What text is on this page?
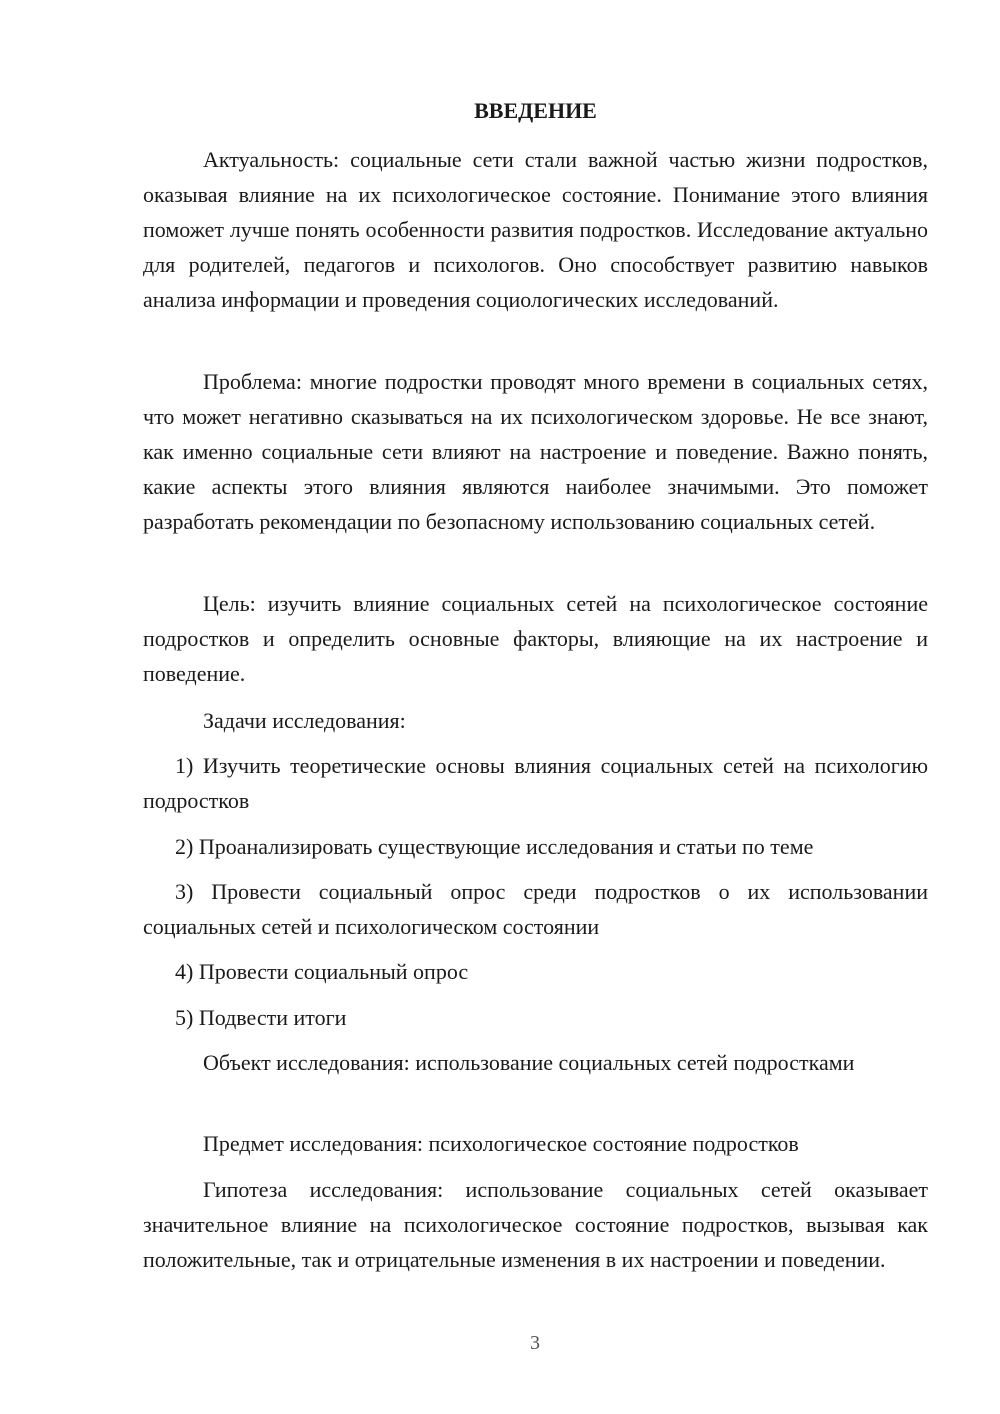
ВВЕДЕНИЕ

Актуальность: социальные сети стали важной частью жизни подростков, оказывая влияние на их психологическое состояние. Понимание этого влияния поможет лучше понять особенности развития подростков. Исследование актуально для родителей, педагогов и психологов. Оно способствует развитию навыков анализа информации и проведения социологических исследований.

Проблема: многие подростки проводят много времени в социальных сетях, что может негативно сказываться на их психологическом здоровье. Не все знают, как именно социальные сети влияют на настроение и поведение. Важно понять, какие аспекты этого влияния являются наиболее значимыми. Это поможет разработать рекомендации по безопасному использованию социальных сетей.

Цель: изучить влияние социальных сетей на психологическое состояние подростков и определить основные факторы, влияющие на их настроение и поведение.

Задачи исследования:

1) Изучить теоретические основы влияния социальных сетей на психологию подростков

2) Проанализировать существующие исследования и статьи по теме

3) Провести социальный опрос среди подростков о их использовании социальных сетей и психологическом состоянии

4) Провести социальный опрос

5) Подвести итоги

Объект исследования: использование социальных сетей подростками

Предмет исследования: психологическое состояние подростков

Гипотеза исследования: использование социальных сетей оказывает значительное влияние на психологическое состояние подростков, вызывая как положительные, так и отрицательные изменения в их настроении и поведении.

3
